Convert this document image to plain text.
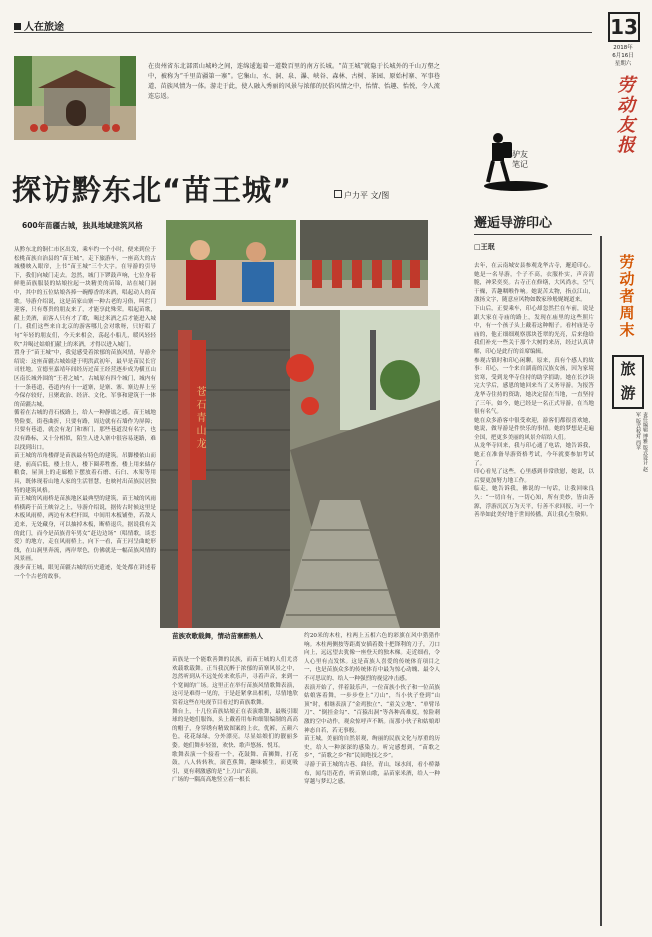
人在旅途	13
2018年
6月16日
星期六
劳
动
友
报
在贵州省东北部雷山城岭之间，连绵逶迤着一道数百里的南方长城。“苗王城”就隐于长城外的千山万壑之中，被称为“千里苗疆第一寨”。它集山、水、洞、泉、瀑、峡谷、森林、古树、茶园、原始村寨、军事巷道、苗族风情为一体。游走于此，使人融入秀丽的风景与浓郁的民俗风情之中，怡情、怡趣、怡悦，令人流连忘返。
驴友
笔记
探访黔东北“苗王城”	户力平 文/图
600年苗疆古城，独具地域建筑风格
从黔东北的铜仁市区出发，乘车约一个小时，便来到位于松桃苗族自治县的“苗王城”。走下旅游车，一座高大的古城楼映入眼帘，上书“苗王城”三个大字。在导游的引导下，我们向城门走去。忽然，城门下锣鼓声响，七位身着鲜艳苗族服装的姑娘拉起一块精美的苗锦，站在城门洞中，其中的五位姑娘各捧一碗醇香的米酒，唱起动人的苗歌。导游介绍说，这是苗家山寨一种古老的习俗，叫拦门迎客，只有尊贵的朋友来了，才能享此殊荣。唱起苗歌，献上美酒，而客人只有才了歌，喝过米酒之后才能进入城门。我们这些来自北京的游客哪儿会对歌呀，只好唱了句“年轻的朋友们，今天来相会，荡起小船儿，暖风轻轻吹”并喝过姑娘们献上的米酒，才得以进入城门。
置身于“苗王城”中，我觉感受着浓郁的苗族风情，导游介绍说：这座苗疆古城始建于明洪武初年，最早是苗民长官司驻地。宣德至嘉靖年间经历过苗王经营逐步成为横亘山区南长城外围的“王者之城”。古城原有四个城门，城内有十一条巷道，巷道内有十一道寨，是寨、寨、寨边界上至今保存较好，且聚政治、经济、文化、军事和建筑于一体的苗疆古城。
循着在古城的青石板路上，给人一种静谧之感。苗王城地势险要，街巷曲折，只要有路，周边就有石墙作为屏障；只要有巷道，就会有龙门和寨门，那些巷道没有名字，也没有路标，又十分相似，陌生人进入寨中很容易迷路，难以找到出口。
苗王城的吊角楼群是苗族最有特色的建筑。吊脚楼依山而建，前高后低，楼上住人，楼下圈养牲畜，楼上用来储存粮食，屋顶上的走廊檐下摆放着石磨、石臼、木架等用具，既体现着山地人家的生活智慧，也映衬出苗族民居独特的建筑风格。
苗王城的风雨桥是苗族地区最典型的建筑，苗王城的风雨桥横跨于苗王峡谷之上，导游介绍说，据传古时候这里是木板风雨桥，两边有木栏杆围，中间用木板铺垫，若敌人追来，无处藏身，可以抽掉木板，断桥退兵，据说我有关的此门，而今是苗族青年男女“赶边边场”（唱情歌，谈恋爱）的地方，走在风雨桥上，向下一看，苗王河呈曲蛇形线，在山涧里奔流，两岸翠色，仿佛就是一幅苗族风情的风景画。
漫步苗王城，眼见苗疆古城的历史遗迹，处处都在讲述着一个个古老的故事。
苍石青山龙
苗族欢歌载舞，情动苗寨醉熟人
苗族是一个能歌善舞的民族，而苗王城的人们尤喜欢载歌载舞。正当我沉醉于浓郁的苗寨风景之中，忽然听到从不远处传来欢乐声，寻着声音，来到一个宽阔的广场。这里正在举行苗族风情歌舞表演，这可是难得一见的，于是赶紧拿出相机，尽情地欣赏着这些在电视节目看过的苗族歌舞。
舞台上，十几位苗族姑娘正在表演歌舞，最吸引眼球的是她们服饰，头上戴着用布和细银编制的高高的帽子，身穿绣有精致图案的上衣，优裤，五颜六色，花花绿绿，分外漂亮。尽显姑娘们的靓丽多姿。她们舞步轻盈，欢快、歌声悠扬、悦耳。
歌舞表演一个接着一个，花鼓舞、苗狮舞，打花鼓，八人转转秋，滚芭蕉舞，趣味横生，而更吸引，更有刺激感的是“上刀山”表演。
广场的一隅高高地竖立着一根长
约20米的木柱，柱两上五相六色的彩旗在风中猎猎作响。木柱两侧按等距离安插着数十把锋利的刀子，刀口向上，远远望去犹像一座登天的独木梯。走近细看，令人心里有点发怵。这是苗族人喜爱的传统体育项目之一，也是苗族众多的传统体育中最为惊心动魄、最令人不可思议的、给人一种强烈的视觉冲击感。
表演开始了，伴着鼓乐声，一位苗族小伙子和一位苗族姑娘客着舞，一步步登上“刀山”，当小伙子登到“山顶”时，相继表演了“金鸡独立”、“童关立地”、“单臂吊刀”、“倒挂金勾”、“百猿出洞”等各种高难度，惊险刺激的空中动作，观众惊呼声不断。而那小伙子和姑娘却神态自若，若无事般。
苗王城，美丽的自然景观，绚丽的民族文化与厚重的历史，给人一种深深的感染力。听完感想到，“苗歌之乡”，“苗歌之乡”和“民间绝技之乡”。
寻游于苗王城的古巷、曲径，青山，绿水间，看小桥瀑布，闻鸟语花香，听苗寨山歌，品苗家米酒，给人一种穿越与梦幻之感。
邂逅导游印心
□王珉
去年，在云南城安县参观龙华古寺，邂逅印心。她是一名导游，个子不高，衣服朴实，声音清脆，神采奕奕。古寺正在修缮，大风尚水，空气干燥，苦趣咽喉作响。她说苦太物，指点江山，激扬文字，随意应风物如数家珍般娓娓道来。
下山后，正要乘车，印心却忽然拦在车前，说是跟大家在寺庙的路上，发现在庙里的这些照片中，有一个孩子头上戴着这种帽子。看村庙是寺庙的，他正细细观察那块苍翠的光亮，后来他给我们补充一些关于那个大树的来历，经过认真讲解，印心是此行的首席编辑。
参观古镇时和印心闲聊。原来，真有个感人的故事：印心，一个来自湖南的汉族女孩，因为家境贫寒，受到龙华寺住持的助学捐助。她在长沙读完大学后，感恩的她回来当了义务导游。为报答龙华寺住持的资助，她决定留在当地，一直坚持了三年。如今，她已经是一名正式导游，在当地很有名气。
她在众多游客中很受欢迎，游客们都很喜欢她，她说，做导游是件快乐的事情。她的梦想是走遍全国，把更多美丽的风景介绍给人们。
从龙华寺回来，我与印心通了电话，她告诉我，她正在准备导游资格考试，今年就要参加考试了。
印心看见了这些，心里感到非常欣慰，她说，以后要更加努力地工作。
临走，她告诉我，佛说的一句话，让我回味良久：“一切自有，一切心知，所有美妙，皆由善源，浮游沉沉万为天平，行善不求回报，可一个善举如此美好地于世间传播，真让我心生敬仰。
劳动者周末
旅游
责任编辑 博雅 版式设计 赵军 版式校对 西苹
